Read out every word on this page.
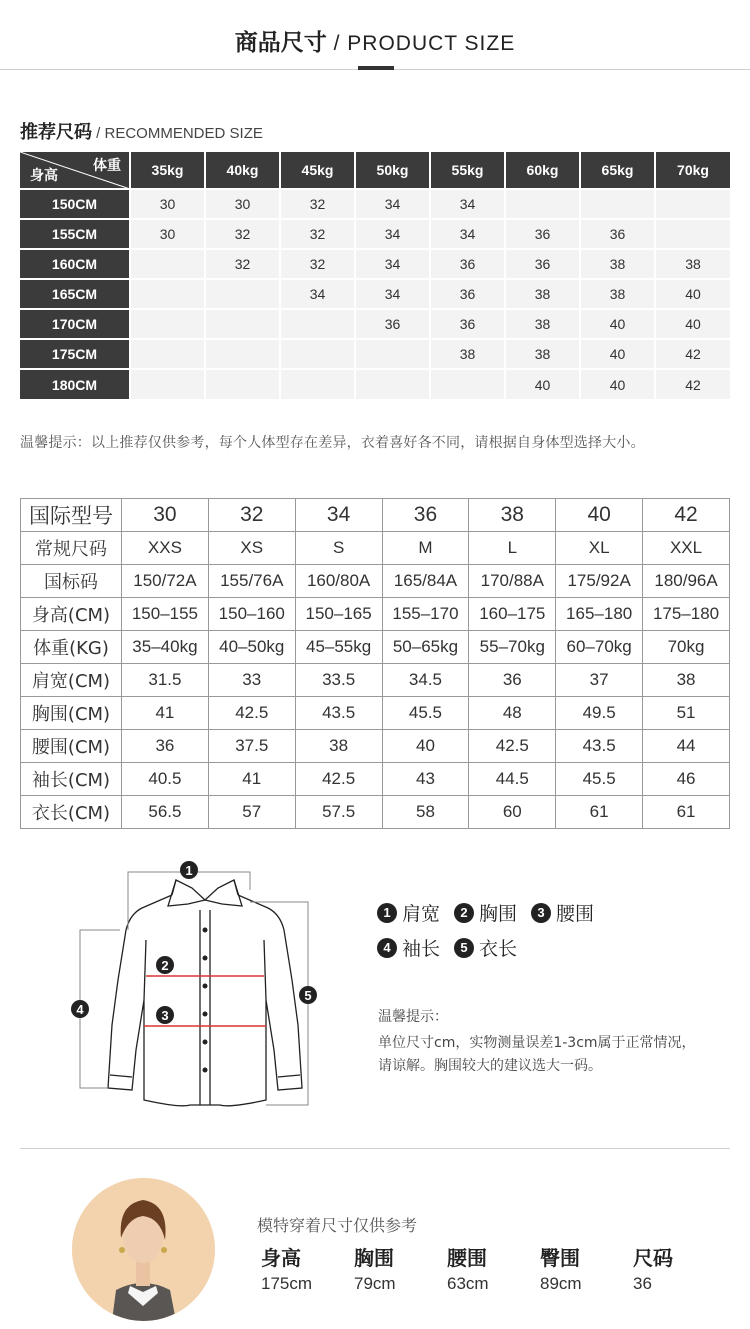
商品尺寸 / PRODUCT SIZE
推荐尺码 / RECOMMENDED SIZE
体重
身高	35kg	40kg	45kg	50kg	55kg	60kg	65kg	70kg
150CM	30	30	32	34	34			
155CM	30	32	32	34	34	36	36	
160CM		32	32	34	36	36	38	38
165CM			34	34	36	38	38	40
170CM				36	36	38	40	40
175CM					38	38	40	42
180CM						40	40	42
温馨提示：以上推荐仅供参考，每个人体型存在差异，衣着喜好各不同，请根据自身体型选择大小。
国际型号	30	32	34	36	38	40	42
常规尺码	XXS	XS	S	M	L	XL	XXL
国标码	150/72A	155/76A	160/80A	165/84A	170/88A	175/92A	180/96A
身高(CM)	150–155	150–160	150–165	155–170	160–175	165–180	175–180
体重(KG)	35–40kg	40–50kg	45–55kg	50–65kg	55–70kg	60–70kg	70kg
肩宽(CM)	31.5	33	33.5	34.5	36	37	38
胸围(CM)	41	42.5	43.5	45.5	48	49.5	51
腰围(CM)	36	37.5	38	40	42.5	43.5	44
袖长(CM)	40.5	41	42.5	43	44.5	45.5	46
衣长(CM)	56.5	57	57.5	58	60	61	61
1
2
3
4
5
1 肩宽	2 胸围	3 腰围
4 袖长	5 衣长
温馨提示：
单位尺寸cm，实物测量误差1-3cm属于正常情况，请谅解。胸围较大的建议选大一码。
模特穿着尺寸仅供参考
身高
175cm
胸围
79cm
腰围
63cm
臀围
89cm
尺码
36
